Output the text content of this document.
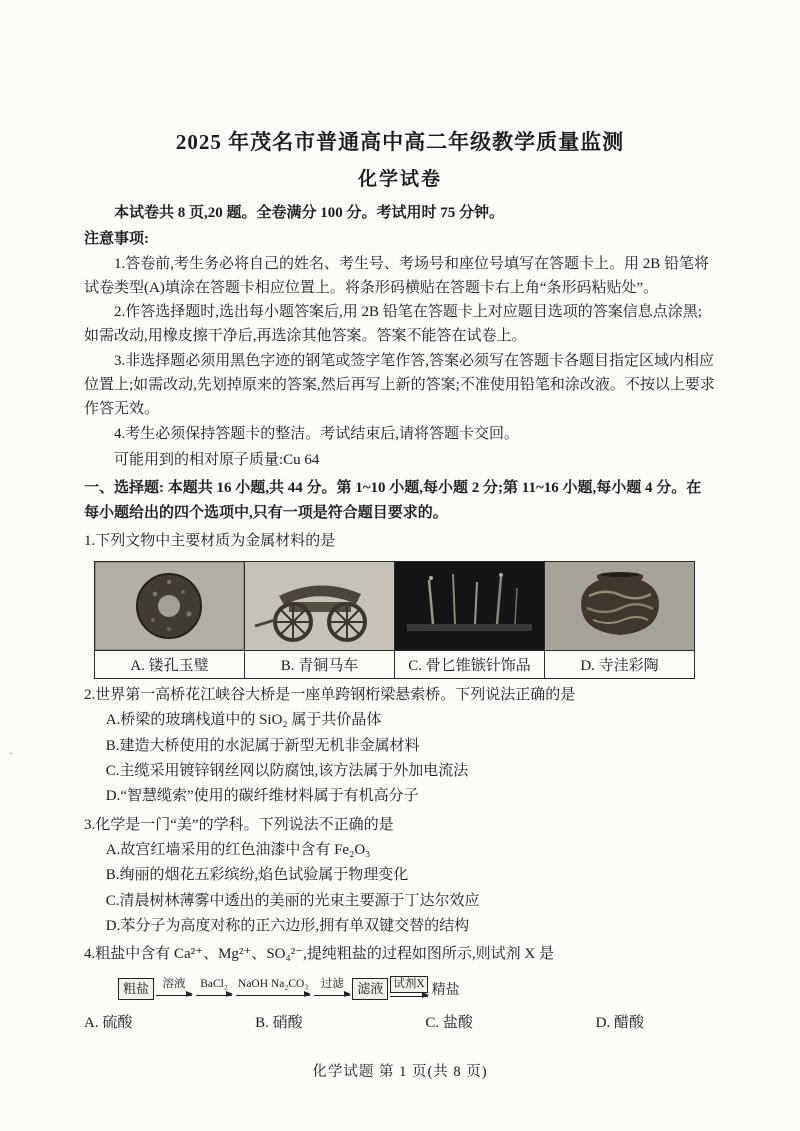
2025 年茂名市普通高中高二年级教学质量监测
化学试卷

本试卷共 8 页,20 题。全卷满分 100 分。考试用时 75 分钟。

注意事项:

1.答卷前,考生务必将自己的姓名、考生号、考场号和座位号填写在答题卡上。用 2B 铅笔将试卷类型(A)填涂在答题卡相应位置上。将条形码横贴在答题卡右上角“条形码粘贴处”。

2.作答选择题时,选出每小题答案后,用 2B 铅笔在答题卡上对应题目选项的答案信息点涂黑;如需改动,用橡皮擦干净后,再选涂其他答案。答案不能答在试卷上。

3.非选择题必须用黑色字迹的钢笔或签字笔作答,答案必须写在答题卡各题目指定区域内相应位置上;如需改动,先划掉原来的答案,然后再写上新的答案;不准使用铅笔和涂改液。不按以上要求作答无效。

4.考生必须保持答题卡的整洁。考试结束后,请将答题卡交回。

可能用到的相对原子质量:Cu 64

一、选择题: 本题共 16 小题,共 44 分。第 1~10 小题,每小题 2 分;第 11~16 小题,每小题 4 分。在每小题给出的四个选项中,只有一项是符合题目要求的。

1.下列文物中主要材质为金属材料的是

A. 镂孔玉璧	B. 青铜马车	C. 骨匕锥镞针饰品	D. 寺洼彩陶

2.世界第一高桥花江峡谷大桥是一座单跨钢桁梁悬索桥。下列说法正确的是

A.桥梁的玻璃栈道中的 SiO₂ 属于共价晶体

B.建造大桥使用的水泥属于新型无机非金属材料

C.主缆采用镀锌钢丝网以防腐蚀,该方法属于外加电流法

D.“智慧缆索”使用的碳纤维材料属于有机高分子

3.化学是一门“美”的学科。下列说法不正确的是

A.故宫红墙采用的红色油漆中含有 Fe₂O₃

B.绚丽的烟花五彩缤纷,焰色试验属于物理变化

C.清晨树林薄雾中透出的美丽的光束主要源于丁达尔效应

D.苯分子为高度对称的正六边形,拥有单双键交替的结构

4.粗盐中含有 Ca²⁺、Mg²⁺、SO₄²⁻,提纯粗盐的过程如图所示,则试剂 X 是

粗盐	溶液 BaCl₂ NaOH Na₂CO₃ 过滤	滤液 试剂X 精盐
A. 硫酸	B. 硝酸	C. 盐酸	D. 醋酸
·
化学试题 第 1 页(共 8 页)
